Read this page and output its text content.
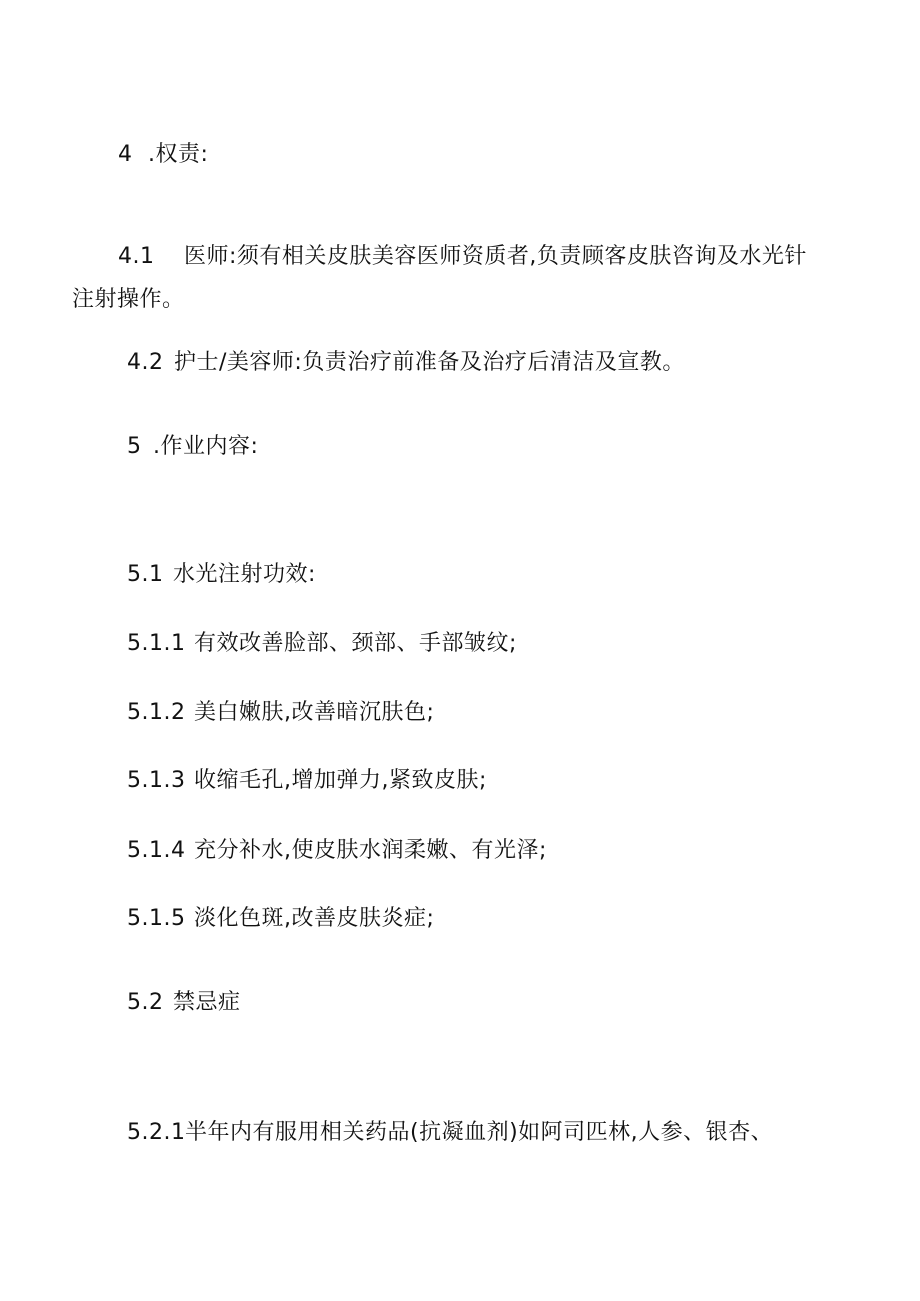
4 .权责:
4.1 医师:须有相关皮肤美容医师资质者,负责顾客皮肤咨询及水光针
注射操作。
4.2 护士/美容师:负责治疗前准备及治疗后清洁及宣教。
5 .作业内容:
5.1 水光注射功效:
5.1.1 有效改善脸部、颈部、手部皱纹;
5.1.2 美白嫩肤,改善暗沉肤色;
5.1.3 收缩毛孔,增加弹力,紧致皮肤;
5.1.4 充分补水,使皮肤水润柔嫩、有光泽;
5.1.5 淡化色斑,改善皮肤炎症;
5.2 禁忌症
5.2.1半年内有服用相关药品(抗凝血剂)如阿司匹林,人参、银杏、
